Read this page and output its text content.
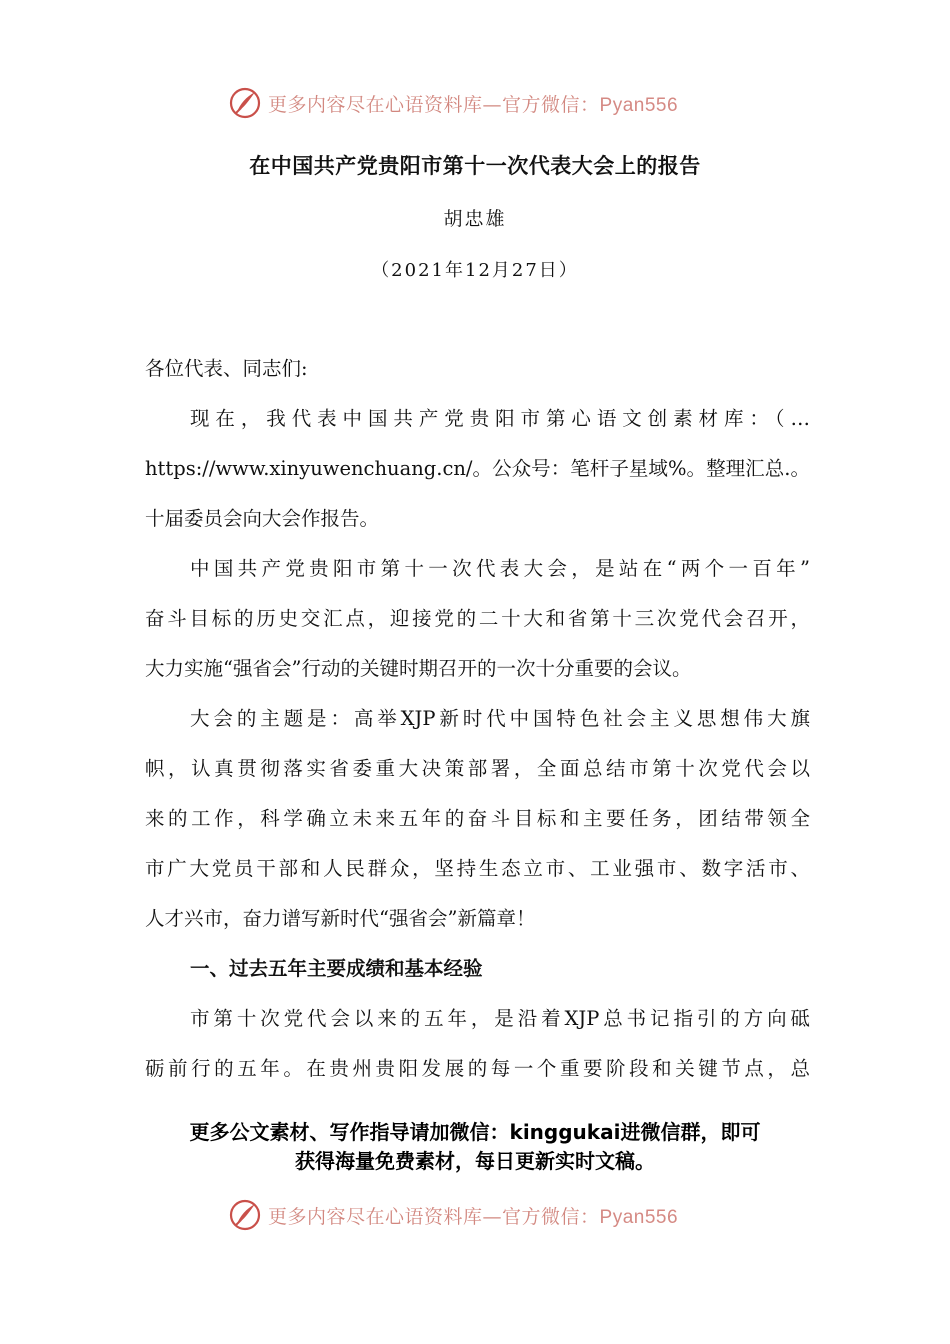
更多内容尽在心语资料库—官方微信：Pyan556
在中国共产党贵阳市第十一次代表大会上的报告
胡忠雄
（2021年12月27日）
各位代表、同志们:
现在，我代表中国共产党贵阳市第心语文创素材库：（…
https://www.xinyuwenchuang.cn/。公众号：笔杆子星域%。整理汇总.。
十届委员会向大会作报告。
中国共产党贵阳市第十一次代表大会，是站在“两个一百年”
奋斗目标的历史交汇点，迎接党的二十大和省第十三次党代会召开，
大力实施“强省会”行动的关键时期召开的一次十分重要的会议。
大会的主题是：高举XJP新时代中国特色社会主义思想伟大旗
帜，认真贯彻落实省委重大决策部署，全面总结市第十次党代会以
来的工作，科学确立未来五年的奋斗目标和主要任务，团结带领全
市广大党员干部和人民群众，坚持生态立市、工业强市、数字活市、
人才兴市，奋力谱写新时代“强省会”新篇章！
一、过去五年主要成绩和基本经验
市第十次党代会以来的五年，是沿着XJP总书记指引的方向砥
砺前行的五年。在贵州贵阳发展的每一个重要阶段和关键节点，总
更多公文素材、写作指导请加微信：kinggukai进微信群，即可
获得海量免费素材，每日更新实时文稿。
更多内容尽在心语资料库—官方微信：Pyan556
